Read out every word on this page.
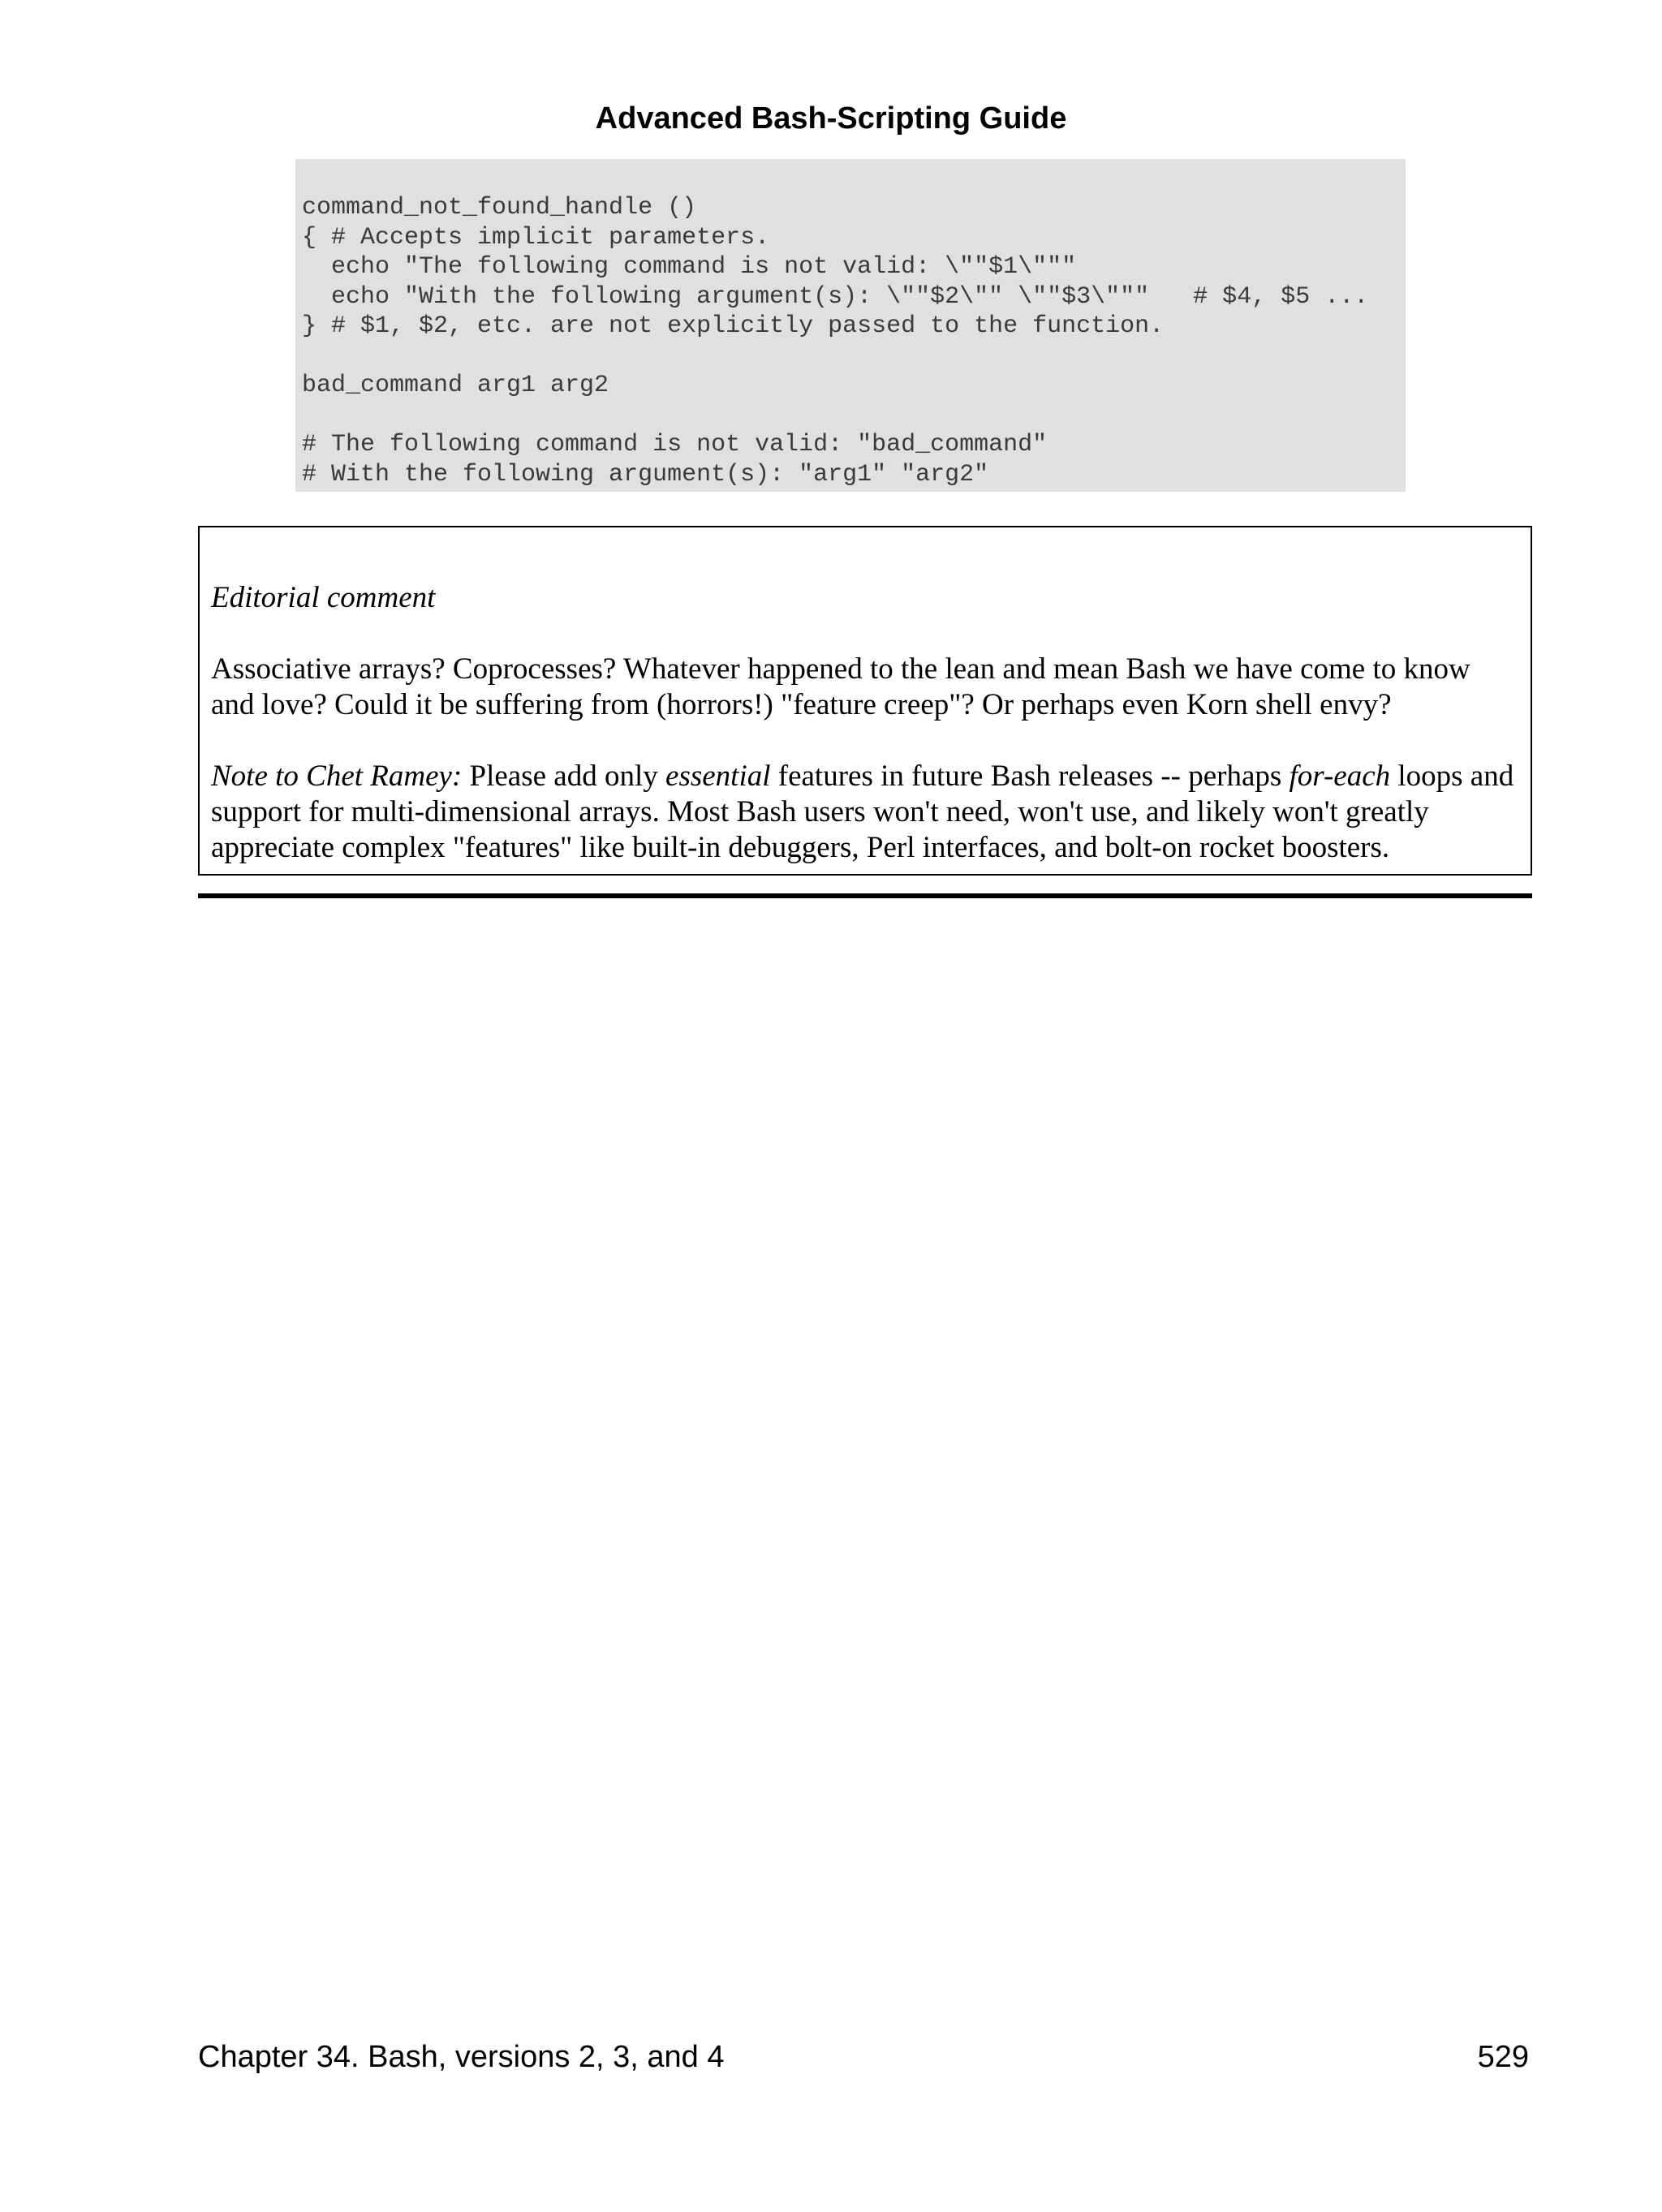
Advanced Bash-Scripting Guide
command_not_found_handle ()
{ # Accepts implicit parameters.
echo "The following command is not valid: \""$1\"""
echo "With the following argument(s): \""$2\"" \""$3\"""   # $4, $5 ...
} # $1, $2, etc. are not explicitly passed to the function.
bad_command arg1 arg2
# The following command is not valid: "bad_command"
# With the following argument(s): "arg1" "arg2"

Editorial comment

Associative arrays? Coprocesses? Whatever happened to the lean and mean Bash we have come to know and love? Could it be suffering from (horrors!) "feature creep"? Or perhaps even Korn shell envy?

Note to Chet Ramey: Please add only essential features in future Bash releases -- perhaps for-each loops and support for multi-dimensional arrays. Most Bash users won't need, won't use, and likely won't greatly appreciate complex "features" like built-in debuggers, Perl interfaces, and bolt-on rocket boosters.

Chapter 34. Bash, versions 2, 3, and 4	529
